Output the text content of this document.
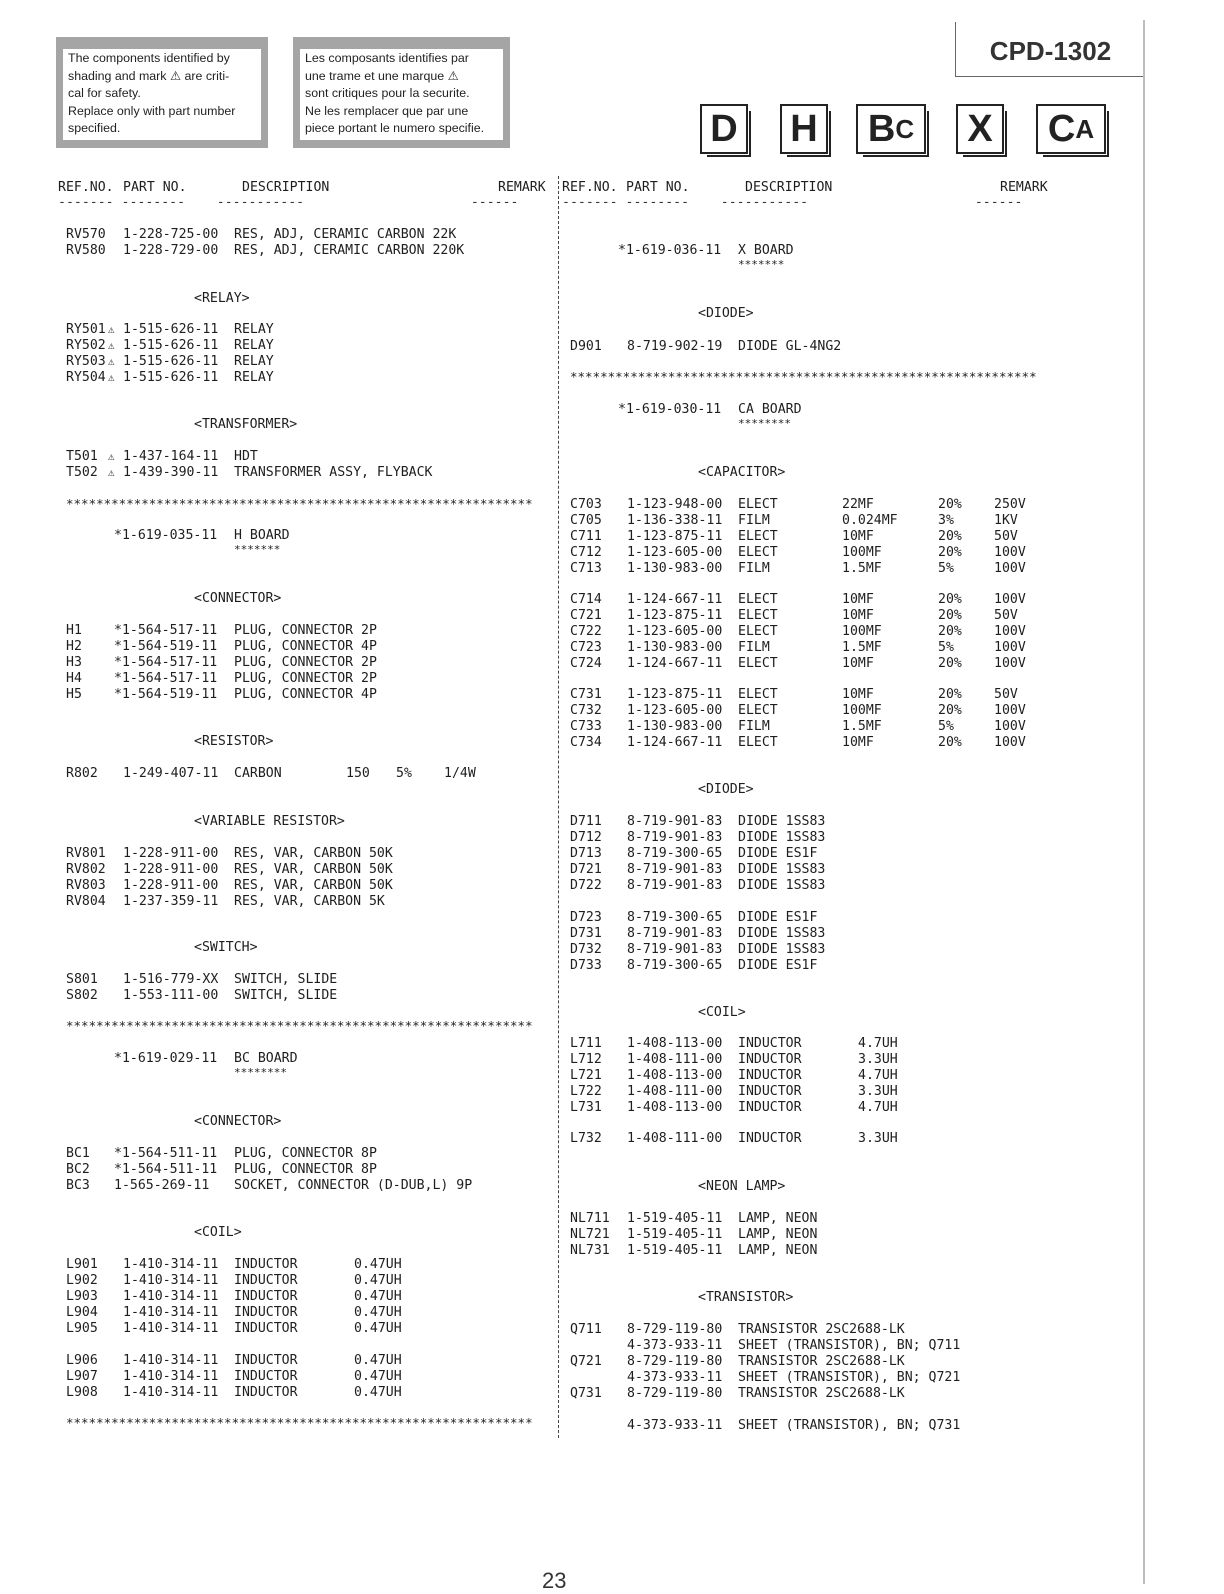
The components identified by
shading and mark ⚠ are criti-
cal for safety.
Replace only with part number
specified.
Les composants identifies par
une trame et une marque ⚠
sont critiques pour la securite.
Ne les remplacer que par une
piece portant le numero specifie.
CPD-1302
D H B C X C A
REF.NO. PART NO.	DESCRIPTION	REMARK
------- --------    -----------                     ------
REF.NO. PART NO.	DESCRIPTION	REMARK
------- --------    -----------                     ------
RV570 1-228-725-00 RES, ADJ, CERAMIC CARBON 22K
RV580 1-228-729-00 RES, ADJ, CERAMIC CARBON 220K
<RELAY>
RY501 ⚠ 1-515-626-11 RELAY
RY502 ⚠ 1-515-626-11 RELAY
RY503 ⚠ 1-515-626-11 RELAY
RY504 ⚠ 1-515-626-11 RELAY
<TRANSFORMER>
T501 ⚠ 1-437-164-11 HDT
T502 ⚠ 1-439-390-11 TRANSFORMER ASSY, FLYBACK
**************************************************************
*1-619-035-11 H BOARD
*******
<CONNECTOR>
H1 *1-564-517-11 PLUG, CONNECTOR 2P
H2 *1-564-519-11 PLUG, CONNECTOR 4P
H3 *1-564-517-11 PLUG, CONNECTOR 2P
H4 *1-564-517-11 PLUG, CONNECTOR 2P
H5 *1-564-519-11 PLUG, CONNECTOR 4P
<RESISTOR>
R802 1-249-407-11 CARBON	150 5% 1/4W
<VARIABLE RESISTOR>
RV801 1-228-911-00 RES, VAR, CARBON 50K
RV802 1-228-911-00 RES, VAR, CARBON 50K
RV803 1-228-911-00 RES, VAR, CARBON 50K
RV804 1-237-359-11 RES, VAR, CARBON 5K
<SWITCH>
S801 1-516-779-XX SWITCH, SLIDE
S802 1-553-111-00 SWITCH, SLIDE
**************************************************************
*1-619-029-11 BC BOARD
********
<CONNECTOR>
BC1 *1-564-511-11 PLUG, CONNECTOR 8P
BC2 *1-564-511-11 PLUG, CONNECTOR 8P
BC3 1-565-269-11 SOCKET, CONNECTOR (D-DUB,L) 9P
<COIL>
L901 1-410-314-11 INDUCTOR	0.47UH
L902 1-410-314-11 INDUCTOR	0.47UH
L903 1-410-314-11 INDUCTOR	0.47UH
L904 1-410-314-11 INDUCTOR	0.47UH
L905 1-410-314-11 INDUCTOR	0.47UH
L906 1-410-314-11 INDUCTOR	0.47UH
L907 1-410-314-11 INDUCTOR	0.47UH
L908 1-410-314-11 INDUCTOR	0.47UH
**************************************************************
*1-619-036-11 X BOARD
*******
<DIODE>
D901 8-719-902-19 DIODE GL-4NG2
**************************************************************
*1-619-030-11 CA BOARD
********
<CAPACITOR>
C703 1-123-948-00 ELECT	22MF	20% 250V
C705 1-136-338-11 FILM	0.024MF	3%	1KV
C711 1-123-875-11 ELECT	10MF	20% 50V
C712 1-123-605-00 ELECT	100MF	20% 100V
C713 1-130-983-00 FILM	1.5MF	5%	100V
C714 1-124-667-11 ELECT	10MF	20% 100V
C721 1-123-875-11 ELECT	10MF	20% 50V
C722 1-123-605-00 ELECT	100MF	20% 100V
C723 1-130-983-00 FILM	1.5MF	5%	100V
C724 1-124-667-11 ELECT	10MF	20% 100V
C731 1-123-875-11 ELECT	10MF	20% 50V
C732 1-123-605-00 ELECT	100MF	20% 100V
C733 1-130-983-00 FILM	1.5MF	5%	100V
C734 1-124-667-11 ELECT	10MF	20% 100V
<DIODE>
D711 8-719-901-83 DIODE 1SS83
D712 8-719-901-83 DIODE 1SS83
D713 8-719-300-65 DIODE ES1F
D721 8-719-901-83 DIODE 1SS83
D722 8-719-901-83 DIODE 1SS83
D723 8-719-300-65 DIODE ES1F
D731 8-719-901-83 DIODE 1SS83
D732 8-719-901-83 DIODE 1SS83
D733 8-719-300-65 DIODE ES1F
<COIL>
L711 1-408-113-00 INDUCTOR	4.7UH
L712 1-408-111-00 INDUCTOR	3.3UH
L721 1-408-113-00 INDUCTOR	4.7UH
L722 1-408-111-00 INDUCTOR	3.3UH
L731 1-408-113-00 INDUCTOR	4.7UH
L732 1-408-111-00 INDUCTOR	3.3UH
<NEON LAMP>
NL711 1-519-405-11 LAMP, NEON
NL721 1-519-405-11 LAMP, NEON
NL731 1-519-405-11 LAMP, NEON
<TRANSISTOR>
Q711 8-729-119-80 TRANSISTOR 2SC2688-LK
4-373-933-11 SHEET (TRANSISTOR), BN; Q711
Q721 8-729-119-80 TRANSISTOR 2SC2688-LK
4-373-933-11 SHEET (TRANSISTOR), BN; Q721
Q731 8-729-119-80 TRANSISTOR 2SC2688-LK
4-373-933-11 SHEET (TRANSISTOR), BN; Q731
23
